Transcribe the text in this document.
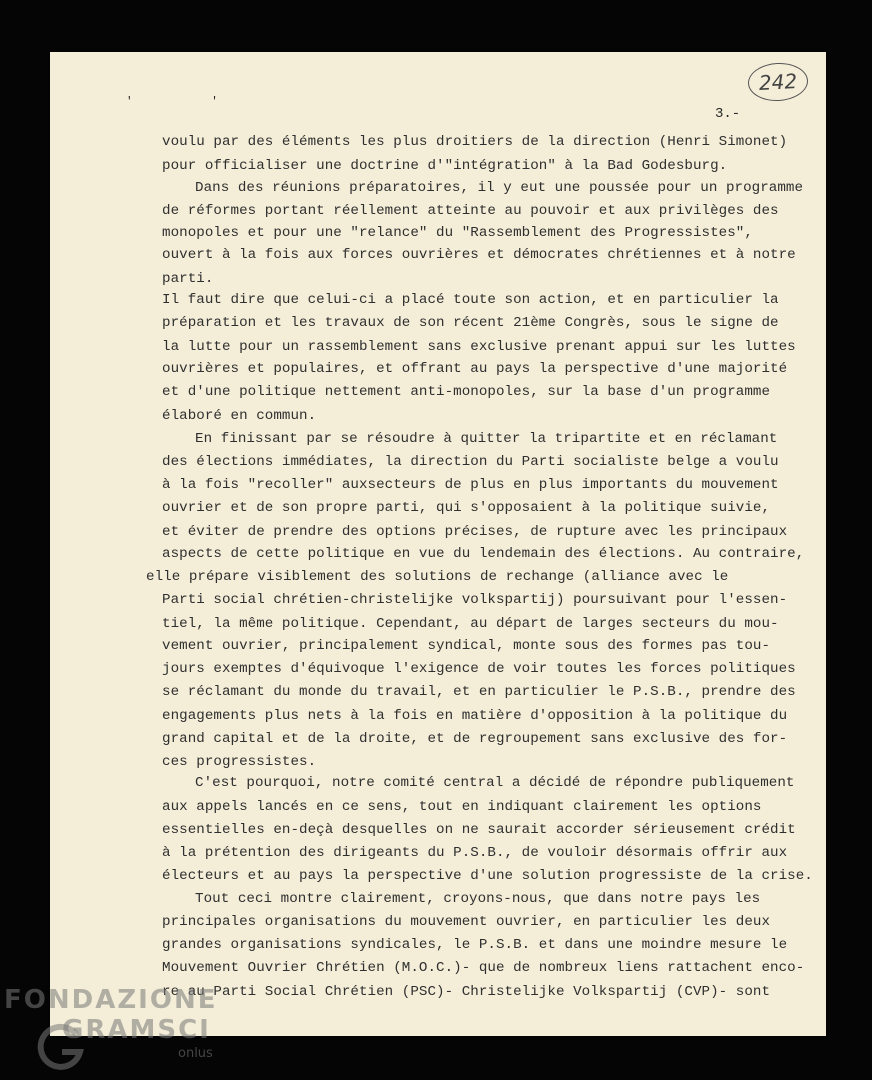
242
' '
3.-
voulu par des éléments les plus droitiers de la direction (Henri Simonet)
pour officialiser une doctrine d'"intégration" à la Bad Godesburg.
Dans des réunions préparatoires, il y eut une poussée pour un programme
de réformes portant réellement atteinte au pouvoir et aux privilèges des
monopoles et pour une "relance" du "Rassemblement des Progressistes",
ouvert à la fois aux forces ouvrières et démocrates chrétiennes et à notre
parti.
Il faut dire que celui-ci a placé toute son action, et en particulier la
préparation et les travaux de son récent 21ème Congrès, sous le signe de
la lutte pour un rassemblement sans exclusive prenant appui sur les luttes
ouvrières et populaires, et offrant au pays la perspective d'une majorité
et d'une politique nettement anti-monopoles, sur la base d'un programme
élaboré en commun.
En finissant par se résoudre à quitter la tripartite et en réclamant
des élections immédiates, la direction du Parti socialiste belge a voulu
à la fois "recoller" auxsecteurs de plus en plus importants du mouvement
ouvrier et de son propre parti, qui s'opposaient à la politique suivie,
et éviter de prendre des options précises, de rupture avec les principaux
aspects de cette politique en vue du lendemain des élections. Au contraire,
elle prépare visiblement des solutions de rechange (alliance avec le
Parti social chrétien-christelijke volkspartij) poursuivant pour l'essen-
tiel, la même politique. Cependant, au départ de larges secteurs du mou-
vement ouvrier, principalement syndical, monte sous des formes pas tou-
jours exemptes d'équivoque l'exigence de voir toutes les forces politiques
se réclamant du monde du travail, et en particulier le P.S.B., prendre des
engagements plus nets à la fois en matière d'opposition à la politique du
grand capital et de la droite, et de regroupement sans exclusive des for-
ces progressistes.
C'est pourquoi, notre comité central a décidé de répondre publiquement
aux appels lancés en ce sens, tout en indiquant clairement les options
essentielles en-deçà desquelles on ne saurait accorder sérieusement crédit
à la prétention des dirigeants du P.S.B., de vouloir désormais offrir aux
électeurs et au pays la perspective d'une solution progressiste de la crise.
Tout ceci montre clairement, croyons-nous, que dans notre pays les
principales organisations du mouvement ouvrier, en particulier les deux
grandes organisations syndicales, le P.S.B. et dans une moindre mesure le
Mouvement Ouvrier Chrétien (M.O.C.)- que de nombreux liens rattachent enco-
re au Parti Social Chrétien (PSC)- Christelijke Volkspartij (CVP)- sont
FONDAZIONE
GRAMSCI
onlus
